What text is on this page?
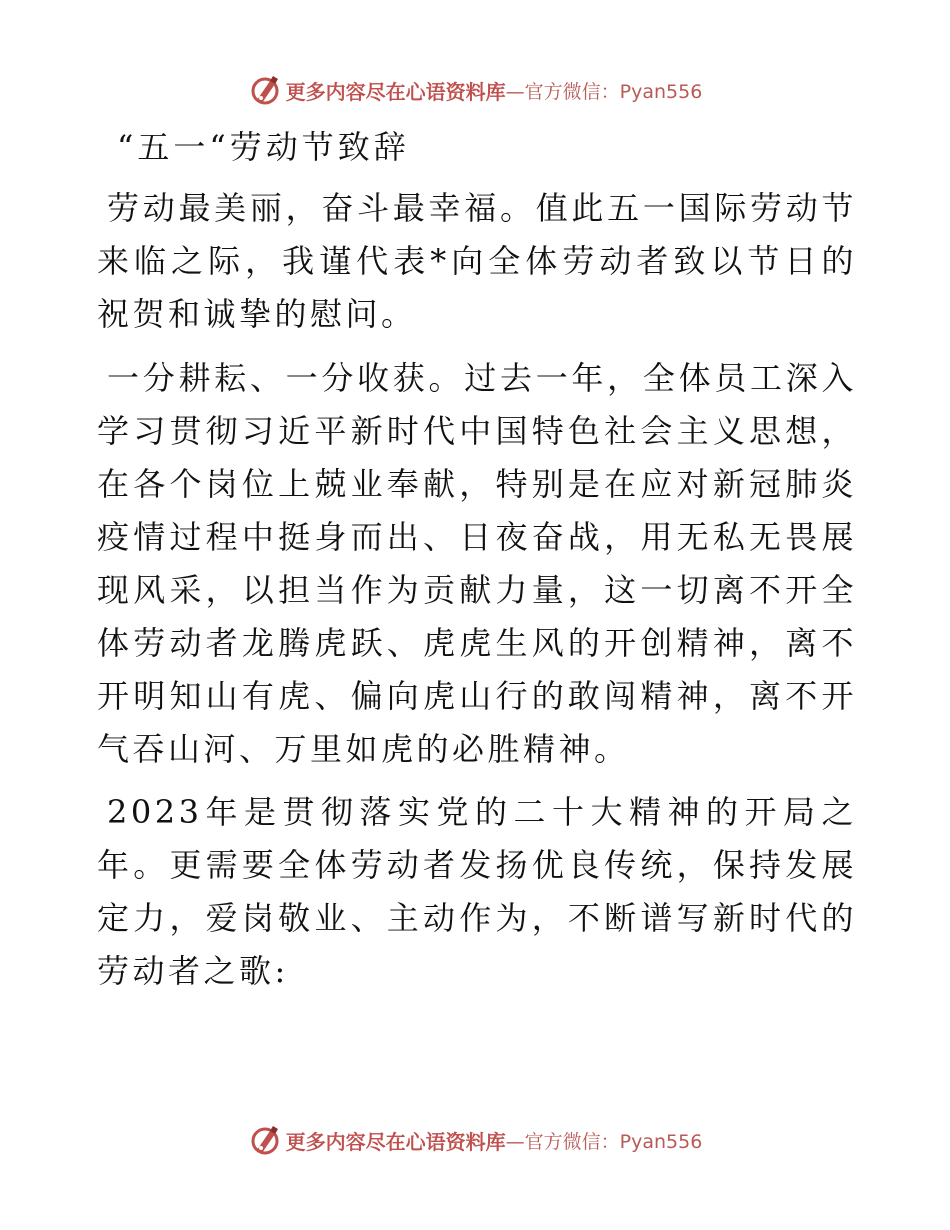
更多内容尽在心语资料库 —官方微信：Pyan556
“五一“劳动节致辞

劳动最美丽，奋斗最幸福。值此五一国际劳动节来临之际，我谨代表*向全体劳动者致以节日的祝贺和诚挚的慰问。

一分耕耘、一分收获。过去一年，全体员工深入学习贯彻习近平新时代中国特色社会主义思想，在各个岗位上兢业奉献，特别是在应对新冠肺炎疫情过程中挺身而出、日夜奋战，用无私无畏展现风采，以担当作为贡献力量，这一切离不开全体劳动者龙腾虎跃、虎虎生风的开创精神，离不开明知山有虎、偏向虎山行的敢闯精神，离不开气吞山河、万里如虎的必胜精神。

2023年是贯彻落实党的二十大精神的开局之年。更需要全体劳动者发扬优良传统，保持发展定力，爱岗敬业、主动作为，不断谱写新时代的劳动者之歌:

更多内容尽在心语资料库 —官方微信：Pyan556
